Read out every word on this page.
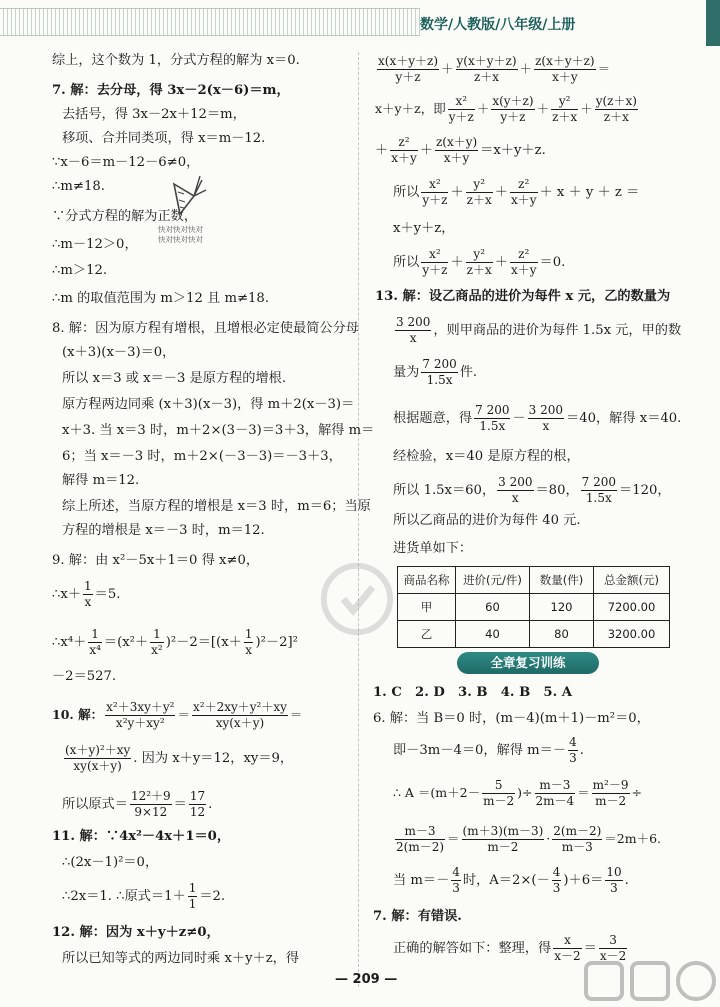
数学/人教版/八年级/上册
综上，这个数为 1，分式方程的解为 x＝0.
7. 解：去分母，得 3x－2(x－6)＝m，
去括号，得 3x－2x＋12＝m，
移项、合并同类项，得 x＝m－12.
∵x－6＝m－12－6≠0，
∴m≠18.
∵分式方程的解为正数，
∴m－12＞0，
∴m＞12.
∴m 的取值范围为 m＞12 且 m≠18.
8. 解：因为原方程有增根，且增根必定使最简公分母
(x＋3)(x－3)＝0，
所以 x＝3 或 x＝－3 是原方程的增根.
原方程两边同乘 (x＋3)(x－3)，得 m＋2(x－3)＝
x＋3. 当 x＝3 时，m＋2×(3－3)＝3＋3，解得 m＝
6；当 x＝－3 时，m＋2×(－3－3)＝－3＋3，
解得 m＝12.
综上所述，当原方程的增根是 x＝3 时，m＝6；当原
方程的增根是 x＝－3 时，m＝12.
9. 解：由 x²－5x＋1＝0 得 x≠0，
∴x＋ $\frac{1}{x} =5$.
∴x⁴＋ $\frac{1}{\text{x⁴}} =(x^2+ \frac{1}{\text{x²}} )^2-2=[(x+ \frac{1}{x} )^2-2]^2$
－2＝527.
10. 解： $\frac{\text{x²＋3xy＋y²}}{\text{x²y＋xy²}} = \frac{\text{x²＋2xy＋y²＋xy}}{xy(x+y)}$ ＝
$\frac{\text{(x＋y)²＋xy}}{xy(x+y)}$ . 因为 x＋y＝12，xy＝9，
所以原式＝ $\frac{\text{12²＋9}}{9\times 12} = \frac{17}{12}$ .
11. 解：∵4x²－4x＋1＝0，
∴(2x－1)²＝0，
∴2x＝1. ∴原式$=1+ \frac{1}{1} =2$.
12. 解：因为 x＋y＋z≠0，
所以已知等式的两边同时乘 x＋y＋z，得
快对快对快对
快对快对快对
$\frac{x(x+y+z)}{y+z} + \frac{y(x+y+z)}{z+x} + \frac{z(x+y+z)}{x+y}$ ＝
x＋y＋z，即 $\frac{\text{x²}}{y+z} + \frac{x(y+z)}{y+z} + \frac{\text{y²}}{z+x} + \frac{y(z+x)}{z+x}$
＋ $\frac{\text{z²}}{x+y} + \frac{z(x+y)}{x+y} =x+y+z$.
所以 $\frac{\text{x²}}{y+z} + \frac{\text{y²}}{z+x} + \frac{\text{z²}}{x+y} + x + y + z$ ＝
x＋y＋z，
所以 $\frac{\text{x²}}{y+z} + \frac{\text{y²}}{z+x} + \frac{\text{z²}}{x+y} =0$.
13. 解：设乙商品的进价为每件 x 元，乙的数量为
$\frac{3 200}{x}$ ，则甲商品的进价为每件 1.5x 元，甲的数
量为 $\frac{7 200}{1.5x}$ 件.
根据题意，得 $\frac{7 200}{1.5x} - \frac{3 200}{x} =40$，解得 x＝40.
经检验，x＝40 是原方程的根，
所以 1.5x＝60， $\frac{3 200}{x} =80$， $\frac{7 200}{1.5x} =120$，
所以乙商品的进价为每件 40 元.
进货单如下：
商品名称	进价(元/件)	数量(件)	总金额(元)
甲	60	120	7200.00
乙	40	80	3200.00
全章复习训练
1. C　2. D　3. B　4. B　5. A
6. 解：当 B＝0 时，(m－4)(m＋1)－m²＝0，
即－3m－4＝0，解得 $m=- \frac{4}{3}$ .
∴ $A =(m+2- \frac{5}{m-2}$ )÷ $\frac{m-3}{2m-4} = \frac{\text{m²－9}}{m-2}$ ÷
$\frac{m-3}{2(m-2)} = \frac{(m+3)(m-3)}{m-2} \cdot \frac{2(m-2)}{m-3} =2m+6$.
当 $m=- \frac{4}{3}$ 时，$A=2\times(- \frac{4}{3} )+6= \frac{10}{3}$ .
7. 解：有错误.
正确的解答如下：整理，得 $\frac{x}{x-2} = \frac{3}{x-2}$
— 209 —
